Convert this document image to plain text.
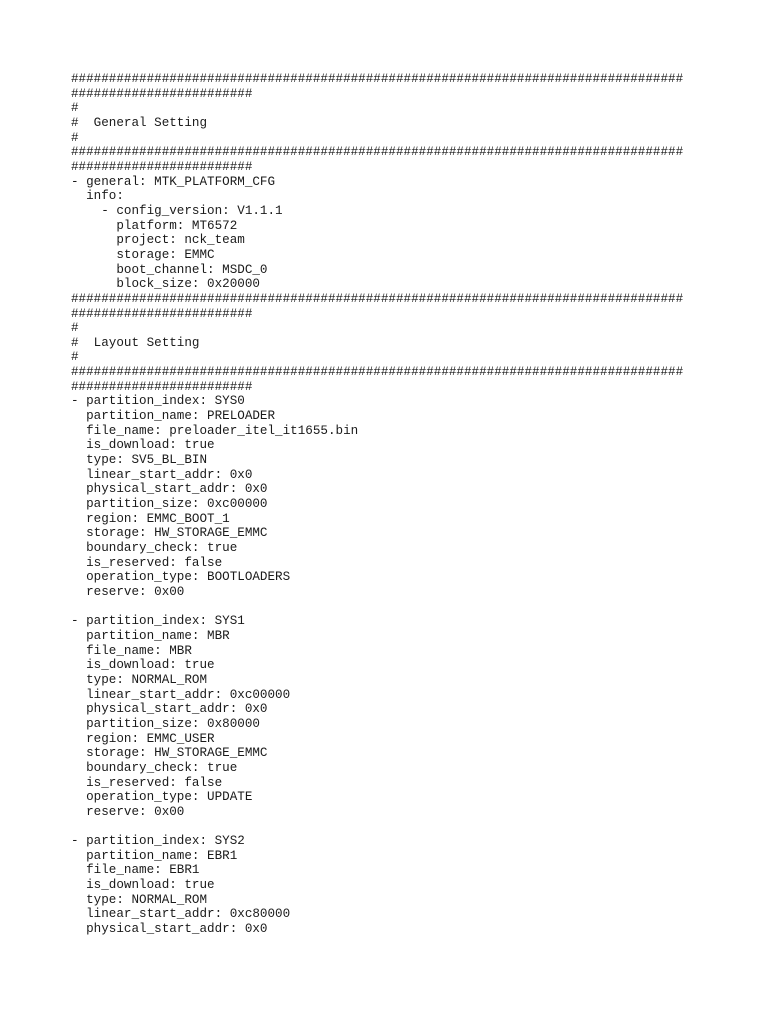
#################################################################################
########################
#
#  General Setting
#
#################################################################################
########################
- general: MTK_PLATFORM_CFG
info:
- config_version: V1.1.1
platform: MT6572
project: nck_team
storage: EMMC
boot_channel: MSDC_0
block_size: 0x20000
#################################################################################
########################
#
#  Layout Setting
#
#################################################################################
########################
- partition_index: SYS0
partition_name: PRELOADER
file_name: preloader_itel_it1655.bin
is_download: true
type: SV5_BL_BIN
linear_start_addr: 0x0
physical_start_addr: 0x0
partition_size: 0xc00000
region: EMMC_BOOT_1
storage: HW_STORAGE_EMMC
boundary_check: true
is_reserved: false
operation_type: BOOTLOADERS
reserve: 0x00
- partition_index: SYS1
partition_name: MBR
file_name: MBR
is_download: true
type: NORMAL_ROM
linear_start_addr: 0xc00000
physical_start_addr: 0x0
partition_size: 0x80000
region: EMMC_USER
storage: HW_STORAGE_EMMC
boundary_check: true
is_reserved: false
operation_type: UPDATE
reserve: 0x00
- partition_index: SYS2
partition_name: EBR1
file_name: EBR1
is_download: true
type: NORMAL_ROM
linear_start_addr: 0xc80000
physical_start_addr: 0x0
